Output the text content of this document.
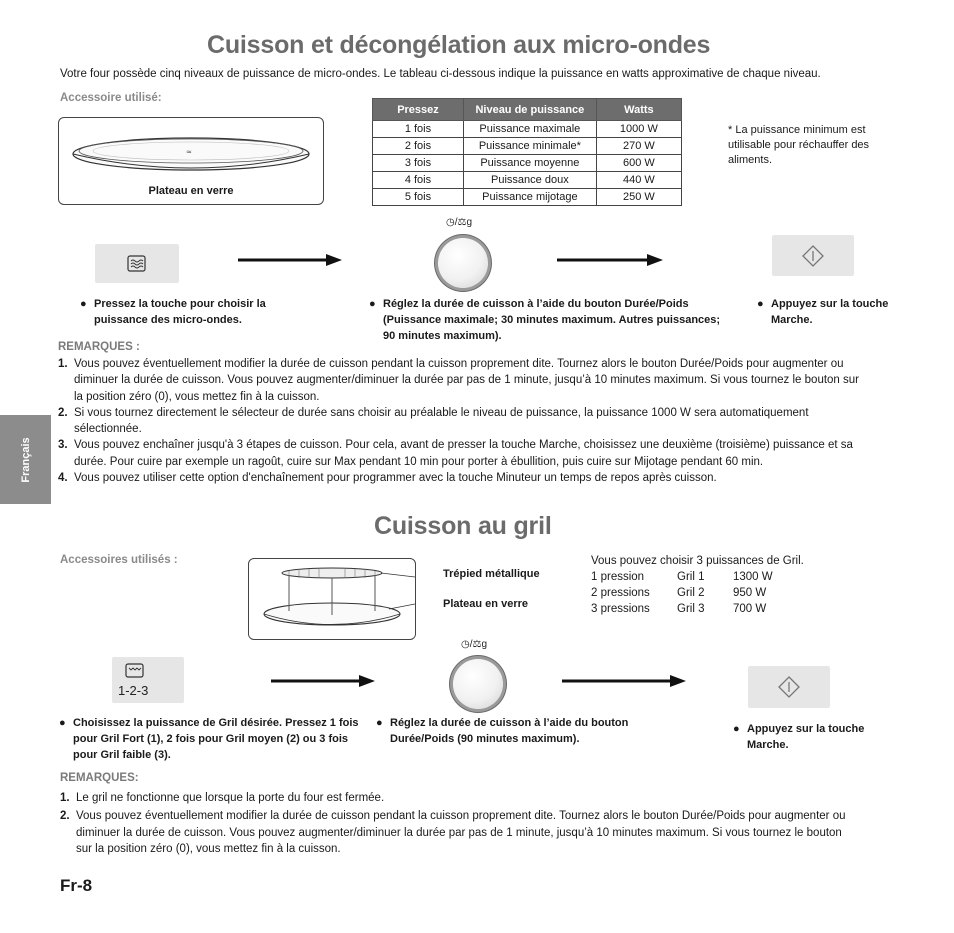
Cuisson et décongélation aux micro-ondes
Votre four possède cinq niveaux de puissance de micro-ondes. Le tableau ci-dessous indique la puissance en watts approximative de chaque niveau.
Accessoire utilisé:
≈
Plateau en verre
Pressez	Niveau de puissance	Watts
1 fois	Puissance maximale	1000 W
2 fois	Puissance minimale*	270 W
3 fois	Puissance moyenne	600 W
4 fois	Puissance doux	440 W
5 fois	Puissance mijotage	250 W
* La puissance minimum est utilisable pour réchauffer des aliments.
◷/⚖g
● Pressez la touche pour choisir la puissance des micro-ondes.
● Réglez la durée de cuisson à l’aide du bouton Durée/Poids (Puissance maximale; 30 minutes maximum. Autres puissances; 90 minutes maximum).
● Appuyez sur la touche Marche.
REMARQUES :
1. Vous pouvez éventuellement modifier la durée de cuisson pendant la cuisson proprement dite. Tournez alors le bouton Durée/Poids pour augmenter ou diminuer la durée de cuisson. Vous pouvez augmenter/diminuer la durée par pas de 1 minute, jusqu’à 10 minutes maximum. Si vous tournez le bouton sur la position zéro (0), vous mettez fin à la cuisson.
2. Si vous tournez directement le sélecteur de durée sans choisir au préalable le niveau de puissance, la puissance 1000 W sera automatiquement sélectionnée.
3. Vous pouvez enchaîner jusqu'à 3 étapes de cuisson. Pour cela, avant de presser la touche Marche, choisissez une deuxième (troisième) puissance et sa durée. Pour cuire par exemple un ragoût, cuire sur Max pendant 10 min pour porter à ébullition, puis cuire sur Mijotage pendant 60 min.
4. Vous pouvez utiliser cette option d'enchaînement pour programmer avec la touche Minuteur un temps de repos après cuisson.
Français
Cuisson au gril
Accessoires utilisés :
Trépied métallique
Plateau en verre
Vous pouvez choisir 3 puissances de Gril.
1 pression	Gril 1	1300 W
2 pressions	Gril 2	950 W
3 pressions	Gril 3	700 W
1-2-3
◷/⚖g
● Choisissez la puissance de Gril désirée. Pressez 1 fois pour Gril Fort (1), 2 fois pour Gril moyen (2) ou 3 fois pour Gril faible (3).
● Réglez la durée de cuisson à l’aide du bouton Durée/Poids (90 minutes maximum).
● Appuyez sur la touche Marche.
REMARQUES:
1. Le gril ne fonctionne que lorsque la porte du four est fermée.
2. Vous pouvez éventuellement modifier la durée de cuisson pendant la cuisson proprement dite. Tournez alors le bouton Durée/Poids pour augmenter ou diminuer la durée de cuisson. Vous pouvez augmenter/diminuer la durée par pas de 1 minute, jusqu’à 10 minutes maximum. Si vous tournez le bouton sur la position zéro (0), vous mettez fin à la cuisson.
Fr-8
